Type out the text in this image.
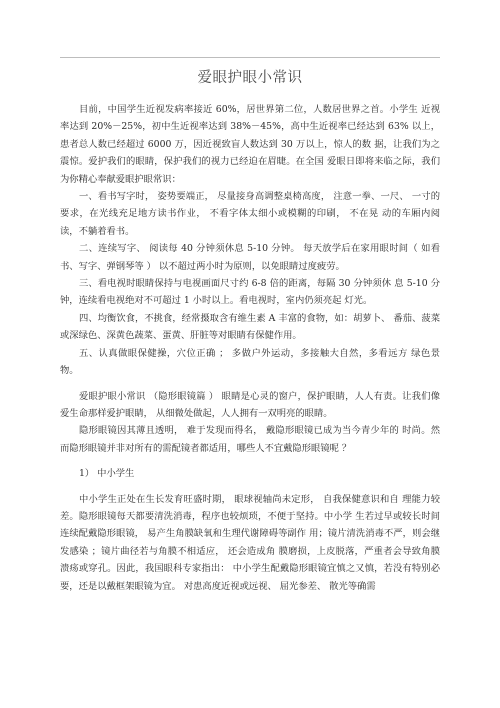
爱眼护眼小常识

目前，中国学生近视发病率接近 60%，居世界第二位，人数居世界之首。小学生 近视率达到 20%－25%，初中生近视率达到 38%－45%，高中生近视率已经达到 63% 以上，患者总人数已经超过 6000 万，因近视致盲人数达到 30 万以上，惊人的数 据，让我们为之震惊。爱护我们的眼睛，保护我们的视力已经迫在眉睫。在全国 爱眼日即将来临之际，我们为你精心奉献爱眼护眼常识：

一、看书写字时， 姿势要端正， 尽量接身高调整桌椅高度， 注意一拳、一尺、 一寸的要求，在光线充足地方读书作业， 不看字体太细小或模糊的印刷， 不在晃 动的车厢内阅读，不躺着看书。

二、连续写字、 阅读每 40 分钟须休息 5-10 分钟。 每天放学后在家用眼时间（ 如看书、写字、弹钢琴等 ） 以不超过两小时为原则，以免眼睛过度疲劳。

三、看电视时眼睛保持与电视画面尺寸约 6-8 倍的距离，每隔 30 分钟须休 息 5-10 分钟，连续看电视绝对不可超过 1 小时以上。看电视时，室内仍须亮起 灯光。

四、均衡饮食，不挑食，经常摄取含有维生素 A 丰富的食物，如：胡萝卜、 番茄、菠菜或深绿色、深黄色蔬菜、蛋黄、肝脏等对眼睛有保健作用。

五、认真做眼保健操，穴位正确 ； 多做户外运动，多接触大自然，多看远方 绿色景物。

爱眼护眼小常识 （隐形眼镜篇 ） 眼睛是心灵的窗户，保护眼睛，人人有责。让我们像爱生命那样爱护眼睛， 从细微处做起，人人拥有一双明亮的眼睛。

隐形眼镜因其薄且透明， 难于发现而得名， 戴隐形眼镜已成为当今青少年的 时尚。然而隐形眼镜并非对所有的需配镜者都适用，哪些人不宜戴隐形眼镜呢 ？

1） 中小学生

中小学生正处在生长发育旺盛时期， 眼球视轴尚未定形， 自我保健意识和自 理能力较差。隐形眼镜每天都要清洗消毒，程序也较烦琐，不便于坚持。中小学 生若过早或较长时间连续配戴隐形眼镜， 易产生角膜缺氧和生理代谢障碍等副作 用；镜片清洗消毒不严，则会继发感染 ；镜片曲径若与角膜不相适应， 还会造成角 膜磨损，上皮脱落，严重者会导致角膜溃疡或穿孔。因此，我国眼科专家指出： 中小学生配戴隐形眼镜宜慎之又慎，若没有特别必要，还是以戴框架眼镜为宜。 对患高度近视或远视、 屈光参差、 散光等确需
